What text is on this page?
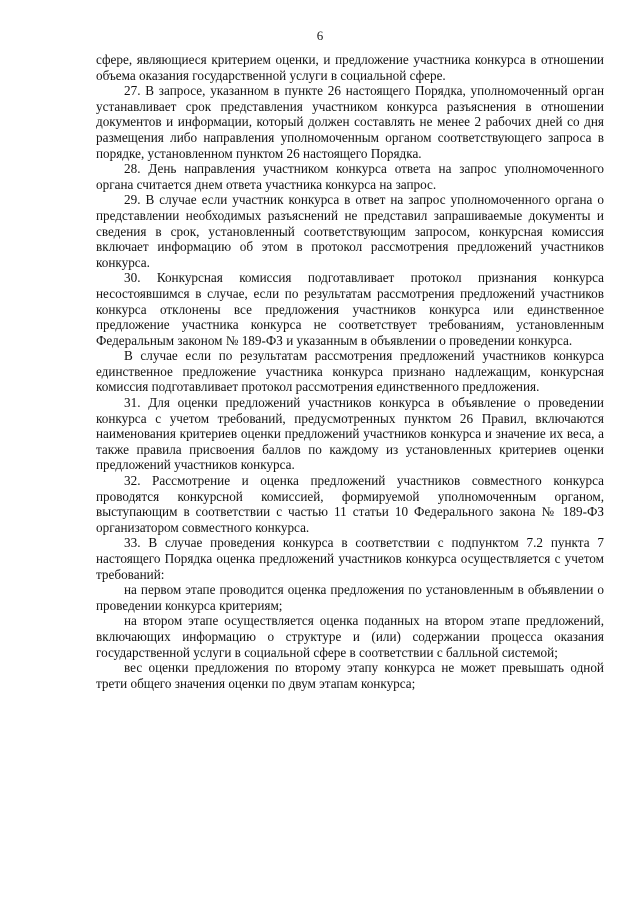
6

сфере, являющиеся критерием оценки, и предложение участника конкурса в отношении объема оказания государственной услуги в социальной сфере.

27. В запросе, указанном в пункте 26 настоящего Порядка, уполномоченный орган устанавливает срок представления участником конкурса разъяснения в отношении документов и информации, который должен составлять не менее 2 рабочих дней со дня размещения либо направления уполномоченным органом соответствующего запроса в порядке, установленном пунктом 26 настоящего Порядка.

28. День направления участником конкурса ответа на запрос уполномоченного органа считается днем ответа участника конкурса на запрос.

29. В случае если участник конкурса в ответ на запрос уполномоченного органа о представлении необходимых разъяснений не представил запрашиваемые документы и сведения в срок, установленный соответствующим запросом, конкурсная комиссия включает информацию об этом в протокол рассмотрения предложений участников конкурса.

30. Конкурсная комиссия подготавливает протокол признания конкурса несостоявшимся в случае, если по результатам рассмотрения предложений участников конкурса отклонены все предложения участников конкурса или единственное предложение участника конкурса не соответствует требованиям, установленным Федеральным законом № 189-ФЗ и указанным в объявлении о проведении конкурса.

В случае если по результатам рассмотрения предложений участников конкурса единственное предложение участника конкурса признано надлежащим, конкурсная комиссия подготавливает протокол рассмотрения единственного предложения.

31. Для оценки предложений участников конкурса в объявление о проведении конкурса с учетом требований, предусмотренных пунктом 26 Правил, включаются наименования критериев оценки предложений участников конкурса и значение их веса, а также правила присвоения баллов по каждому из установленных критериев оценки предложений участников конкурса.

32. Рассмотрение и оценка предложений участников совместного конкурса проводятся конкурсной комиссией, формируемой уполномоченным органом, выступающим в соответствии с частью 11 статьи 10 Федерального закона № 189-ФЗ организатором совместного конкурса.

33. В случае проведения конкурса в соответствии с подпунктом 7.2 пункта 7 настоящего Порядка оценка предложений участников конкурса осуществляется с учетом требований:

на первом этапе проводится оценка предложения по установленным в объявлении о проведении конкурса критериям;

на втором этапе осуществляется оценка поданных на втором этапе предложений, включающих информацию о структуре и (или) содержании процесса оказания государственной услуги в социальной сфере в соответствии с балльной системой;

вес оценки предложения по второму этапу конкурса не может превышать одной трети общего значения оценки по двум этапам конкурса;
